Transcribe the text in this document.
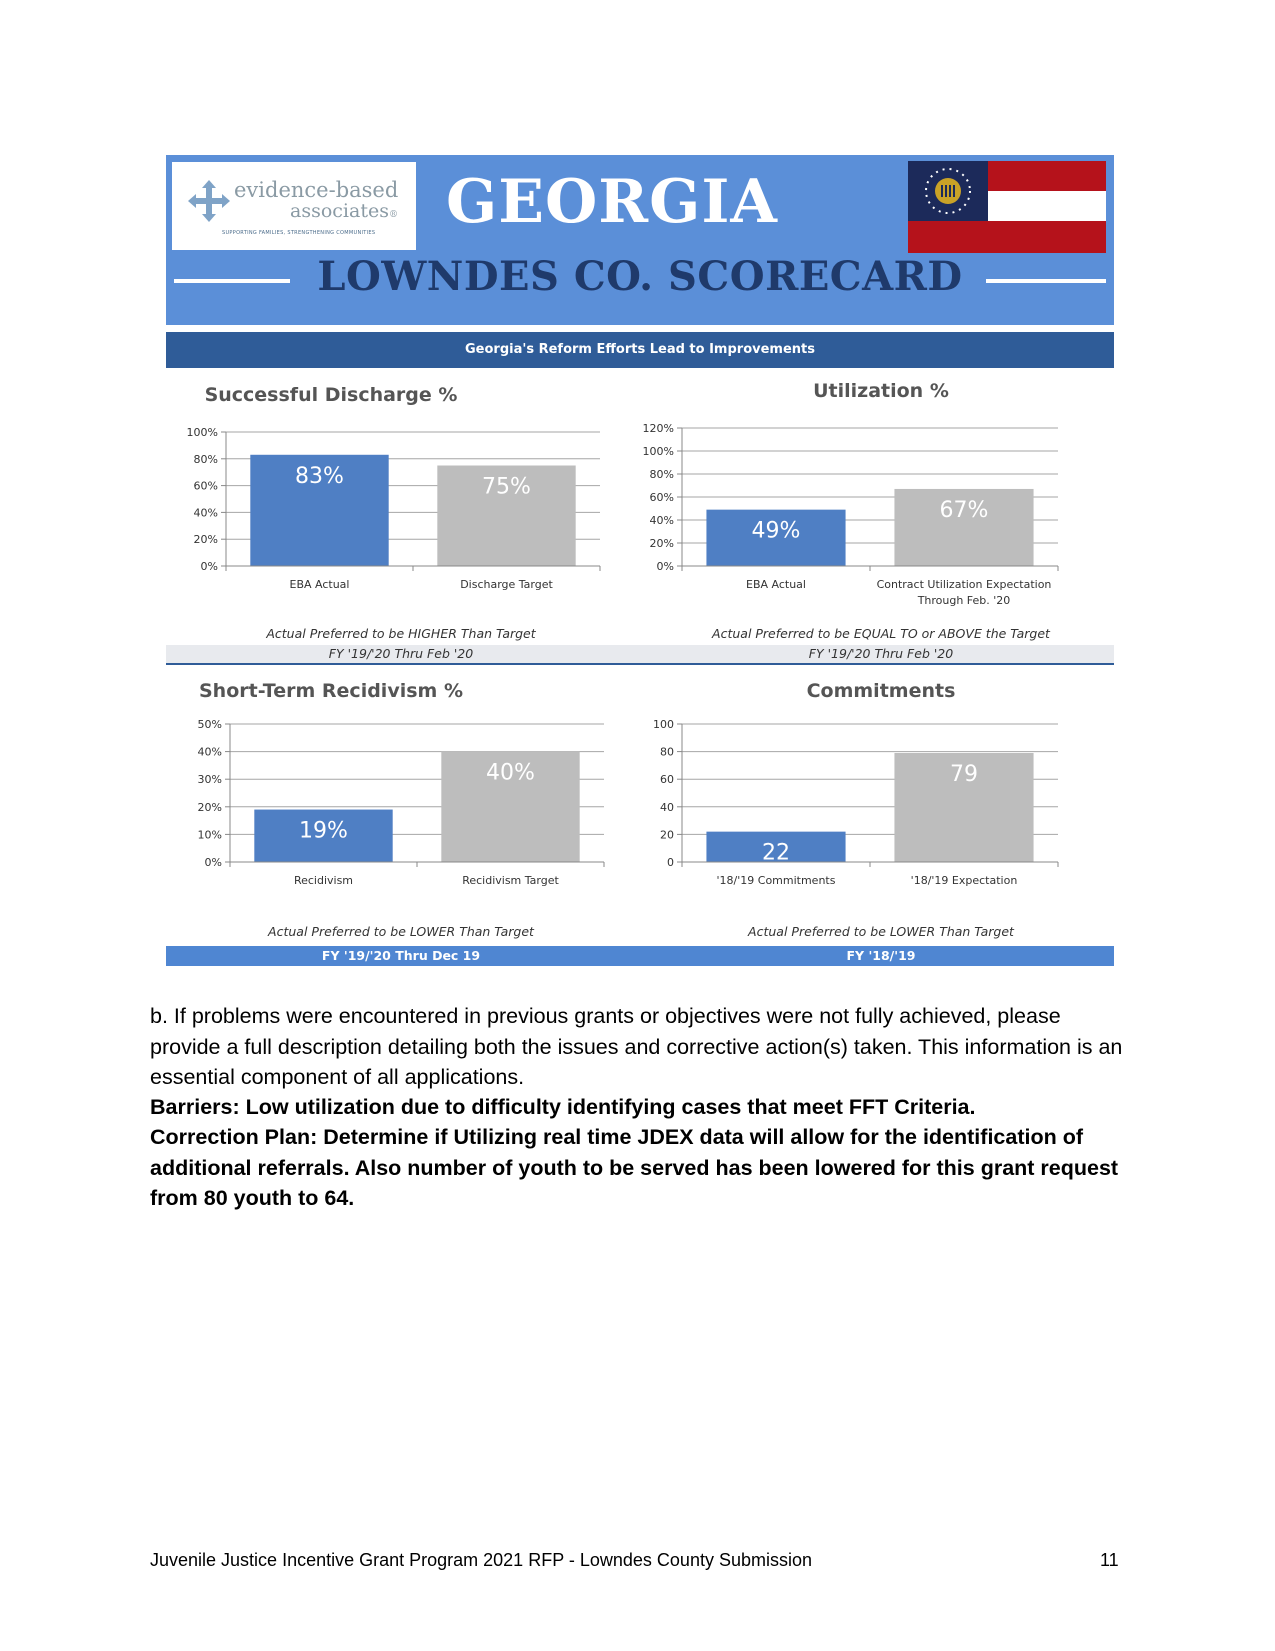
evidence-based
associates®
SUPPORTING FAMILIES, STRENGTHENING COMMUNITIES GEORGIA
LOWNDES CO. SCORECARD
Georgia's Reform Efforts Lead to Improvements
Successful Discharge %
0%
20%
40%
60%
80%
100%
83%
EBA Actual
75%
Discharge Target
Actual Preferred to be HIGHER Than Target
Utilization %
0%
20%
40%
60%
80%
100%
120%
49%
EBA Actual
67%
Contract Utilization Expectation
Through Feb. '20
Actual Preferred to be EQUAL TO or ABOVE the Target
FY '19/'20 Thru Feb '20	FY '19/'20 Thru Feb '20
Short-Term Recidivism %
0%
10%
20%
30%
40%
50%
19%
Recidivism
40%
Recidivism Target
Actual Preferred to be LOWER Than Target
Commitments
0
20
40
60
80
100
22
'18/'19 Commitments
79
'18/'19 Expectation
Actual Preferred to be LOWER Than Target
FY '19/'20 Thru Dec 19	FY '18/'19
b. If problems were encountered in previous grants or objectives were not fully achieved, please provide a full description detailing both the issues and corrective action(s) taken. This information is an essential component of all applications.
Barriers: Low utilization due to difficulty identifying cases that meet FFT Criteria.
Correction Plan: Determine if Utilizing real time JDEX data will allow for the identification of additional referrals. Also number of youth to be served has been lowered for this grant request from 80 youth to 64.
Juvenile Justice Incentive Grant Program 2021 RFP - Lowndes County Submission	11
